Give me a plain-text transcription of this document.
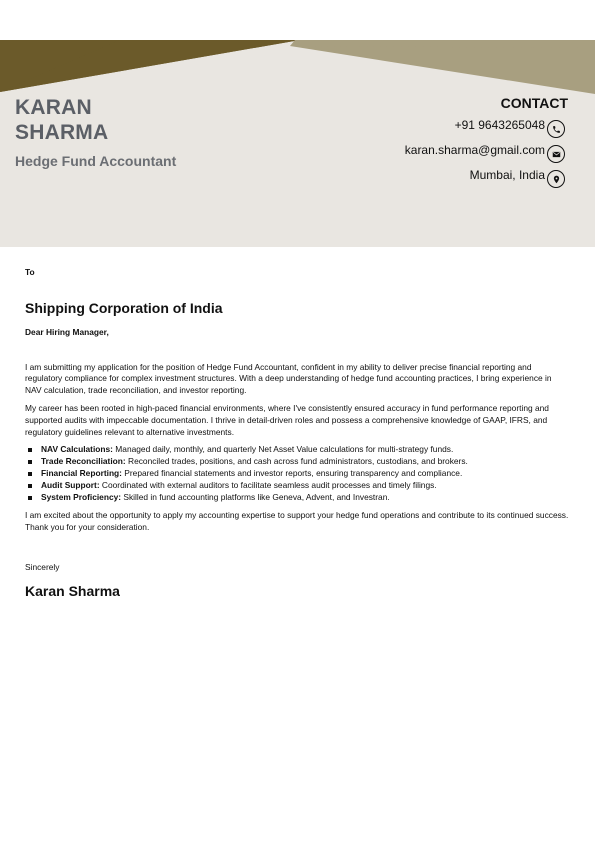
KARAN
SHARMA
Hedge Fund Accountant
CONTACT
+91 9643265048
karan.sharma@gmail.com
Mumbai, India

To

Shipping Corporation of India

Dear Hiring Manager,

I am submitting my application for the position of Hedge Fund Accountant, confident in my ability to deliver precise financial reporting and regulatory compliance for complex investment structures. With a deep understanding of hedge fund accounting practices, I bring experience in NAV calculation, trade reconciliation, and investor reporting.

My career has been rooted in high-paced financial environments, where I've consistently ensured accuracy in fund performance reporting and supported audits with impeccable documentation. I thrive in detail-driven roles and possess a comprehensive knowledge of GAAP, IFRS, and regulatory guidelines relevant to alternative investments.

NAV Calculations: Managed daily, monthly, and quarterly Net Asset Value calculations for multi-strategy funds.
Trade Reconciliation: Reconciled trades, positions, and cash across fund administrators, custodians, and brokers.
Financial Reporting: Prepared financial statements and investor reports, ensuring transparency and compliance.
Audit Support: Coordinated with external auditors to facilitate seamless audit processes and timely filings.
System Proficiency: Skilled in fund accounting platforms like Geneva, Advent, and Investran.

I am excited about the opportunity to apply my accounting expertise to support your hedge fund operations and contribute to its continued success. Thank you for your consideration.

Sincerely

Karan Sharma
